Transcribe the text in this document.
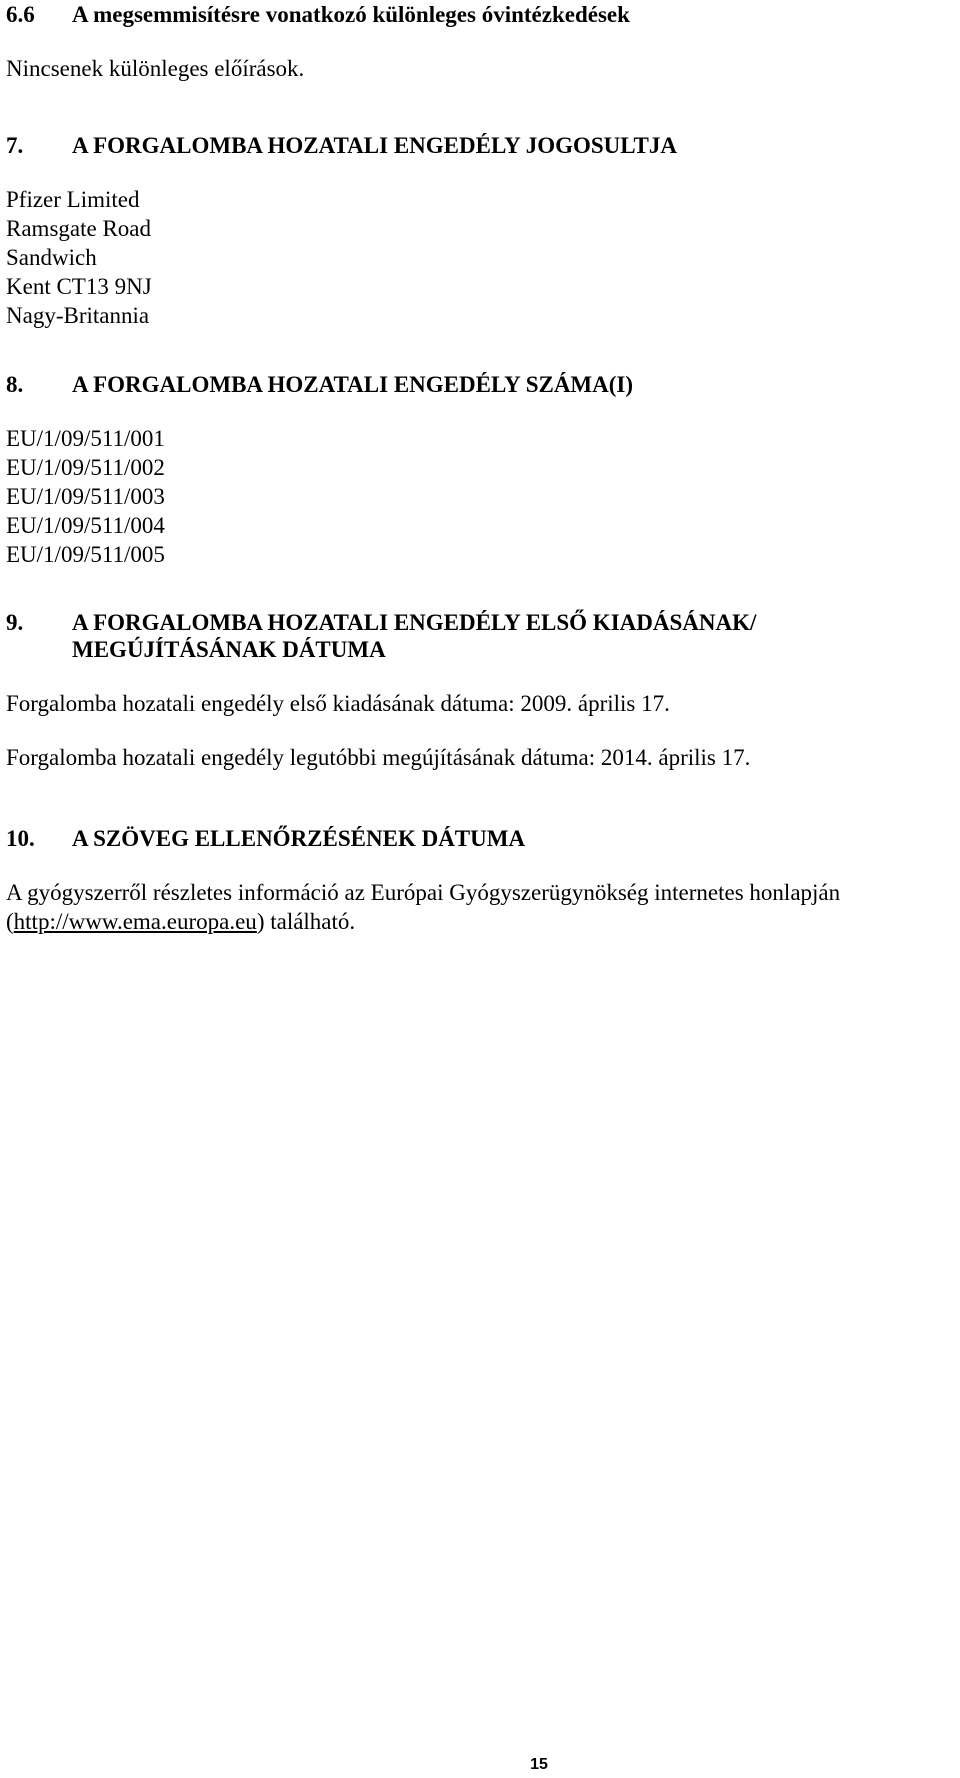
6.6 A megsemmisítésre vonatkozó különleges óvintézkedések
Nincsenek különleges előírások.
7. A FORGALOMBA HOZATALI ENGEDÉLY JOGOSULTJA
Pfizer Limited
Ramsgate Road
Sandwich
Kent CT13 9NJ
Nagy-Britannia
8. A FORGALOMBA HOZATALI ENGEDÉLY SZÁMA(I)
EU/1/09/511/001
EU/1/09/511/002
EU/1/09/511/003
EU/1/09/511/004
EU/1/09/511/005
9. A FORGALOMBA HOZATALI ENGEDÉLY ELSŐ KIADÁSÁNAK/
MEGÚJÍTÁSÁNAK DÁTUMA
Forgalomba hozatali engedély első kiadásának dátuma: 2009. április 17.
Forgalomba hozatali engedély legutóbbi megújításának dátuma: 2014. április 17.
10. A SZÖVEG ELLENŐRZÉSÉNEK DÁTUMA
A gyógyszerről részletes információ az Európai Gyógyszerügynökség internetes honlapján
(http://www.ema.europa.eu) található.
15
